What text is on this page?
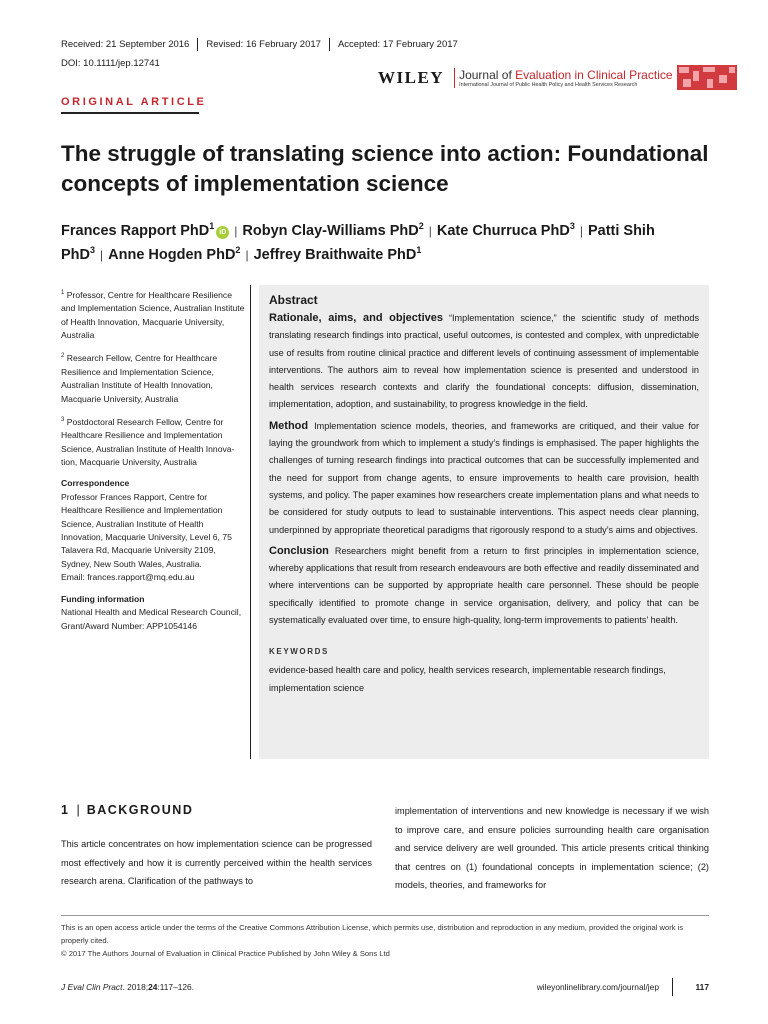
Received: 21 September 2016 Revised: 16 February 2017 Accepted: 17 February 2017
DOI: 10.1111/jep.12741
WILEY Journal of Evaluation in Clinical Practice
International Journal of Public Health Policy and Health Services Research
ORIGINAL ARTICLE
The struggle of translating science into action: Foundational concepts of implementation science
Frances Rapport PhD$^1$iD | Robyn Clay-Williams PhD$^2$ | Kate Churruca PhD$^3$ | Patti Shih PhD$^3$ | Anne Hogden PhD$^2$ | Jeffrey Braithwaite PhD$^1$

$^1$ Professor, Centre for Healthcare Resilience and Implementation Science, Australian Institute of Health Innovation, Macquarie University, Australia

$^2$ Research Fellow, Centre for Healthcare Resilience and Implementation Science, Australian Institute of Health Innovation, Macquarie University, Australia

$^3$ Postdoctoral Research Fellow, Centre for Healthcare Resilience and Implementation Science, Australian Institute of Health Innovation, Macquarie University, Australia

Correspondence
Professor Frances Rapport, Centre for Healthcare Resilience and Implementation Science, Australian Institute of Health Innovation, Macquarie University, Level 6, 75 Talavera Rd, Macquarie University 2109, Sydney, New South Wales, Australia.
Email: frances.rapport@mq.edu.au

Funding information
National Health and Medical Research Council, Grant/Award Number: APP1054146

Abstract

Rationale, aims, and objectives “Implementation science,” the scientific study of methods translating research findings into practical, useful outcomes, is contested and complex, with unpredictable use of results from routine clinical practice and different levels of continuing assessment of implementable interventions. The authors aim to reveal how implementation science is presented and understood in health services research contexts and clarify the foundational concepts: diffusion, dissemination, implementation, adoption, and sustainability, to progress knowledge in the field.

Method Implementation science models, theories, and frameworks are critiqued, and their value for laying the groundwork from which to implement a study’s findings is emphasised. The paper highlights the challenges of turning research findings into practical outcomes that can be successfully implemented and the need for support from change agents, to ensure improvements to health care provision, health systems, and policy. The paper examines how researchers create implementation plans and what needs to be considered for study outputs to lead to sustainable interventions. This aspect needs clear planning, underpinned by appropriate theoretical paradigms that rigorously respond to a study’s aims and objectives.

Conclusion Researchers might benefit from a return to first principles in implementation science, whereby applications that result from research endeavours are both effective and readily disseminated and where interventions can be supported by appropriate health care personnel. These should be people specifically identified to promote change in service organisation, delivery, and policy that can be systematically evaluated over time, to ensure high-quality, long-term improvements to patients’ health.

KEYWORDS
evidence-based health care and policy, health services research, implementable research findings, implementation science
1 | BACKGROUND

This article concentrates on how implementation science can be progressed most effectively and how it is currently perceived within the health services research arena. Clarification of the pathways to

implementation of interventions and new knowledge is necessary if we wish to improve care, and ensure policies surrounding health care organisation and service delivery are well grounded. This article presents critical thinking that centres on (1) foundational concepts in implementation science; (2) models, theories, and frameworks for

This is an open access article under the terms of the Creative Commons Attribution License, which permits use, distribution and reproduction in any medium, provided the original work is properly cited.
© 2017 The Authors Journal of Evaluation in Clinical Practice Published by John Wiley & Sons Ltd
J Eval Clin Pract. 2018;24:117–126.	wileyonlinelibrary.com/journal/jep	117
